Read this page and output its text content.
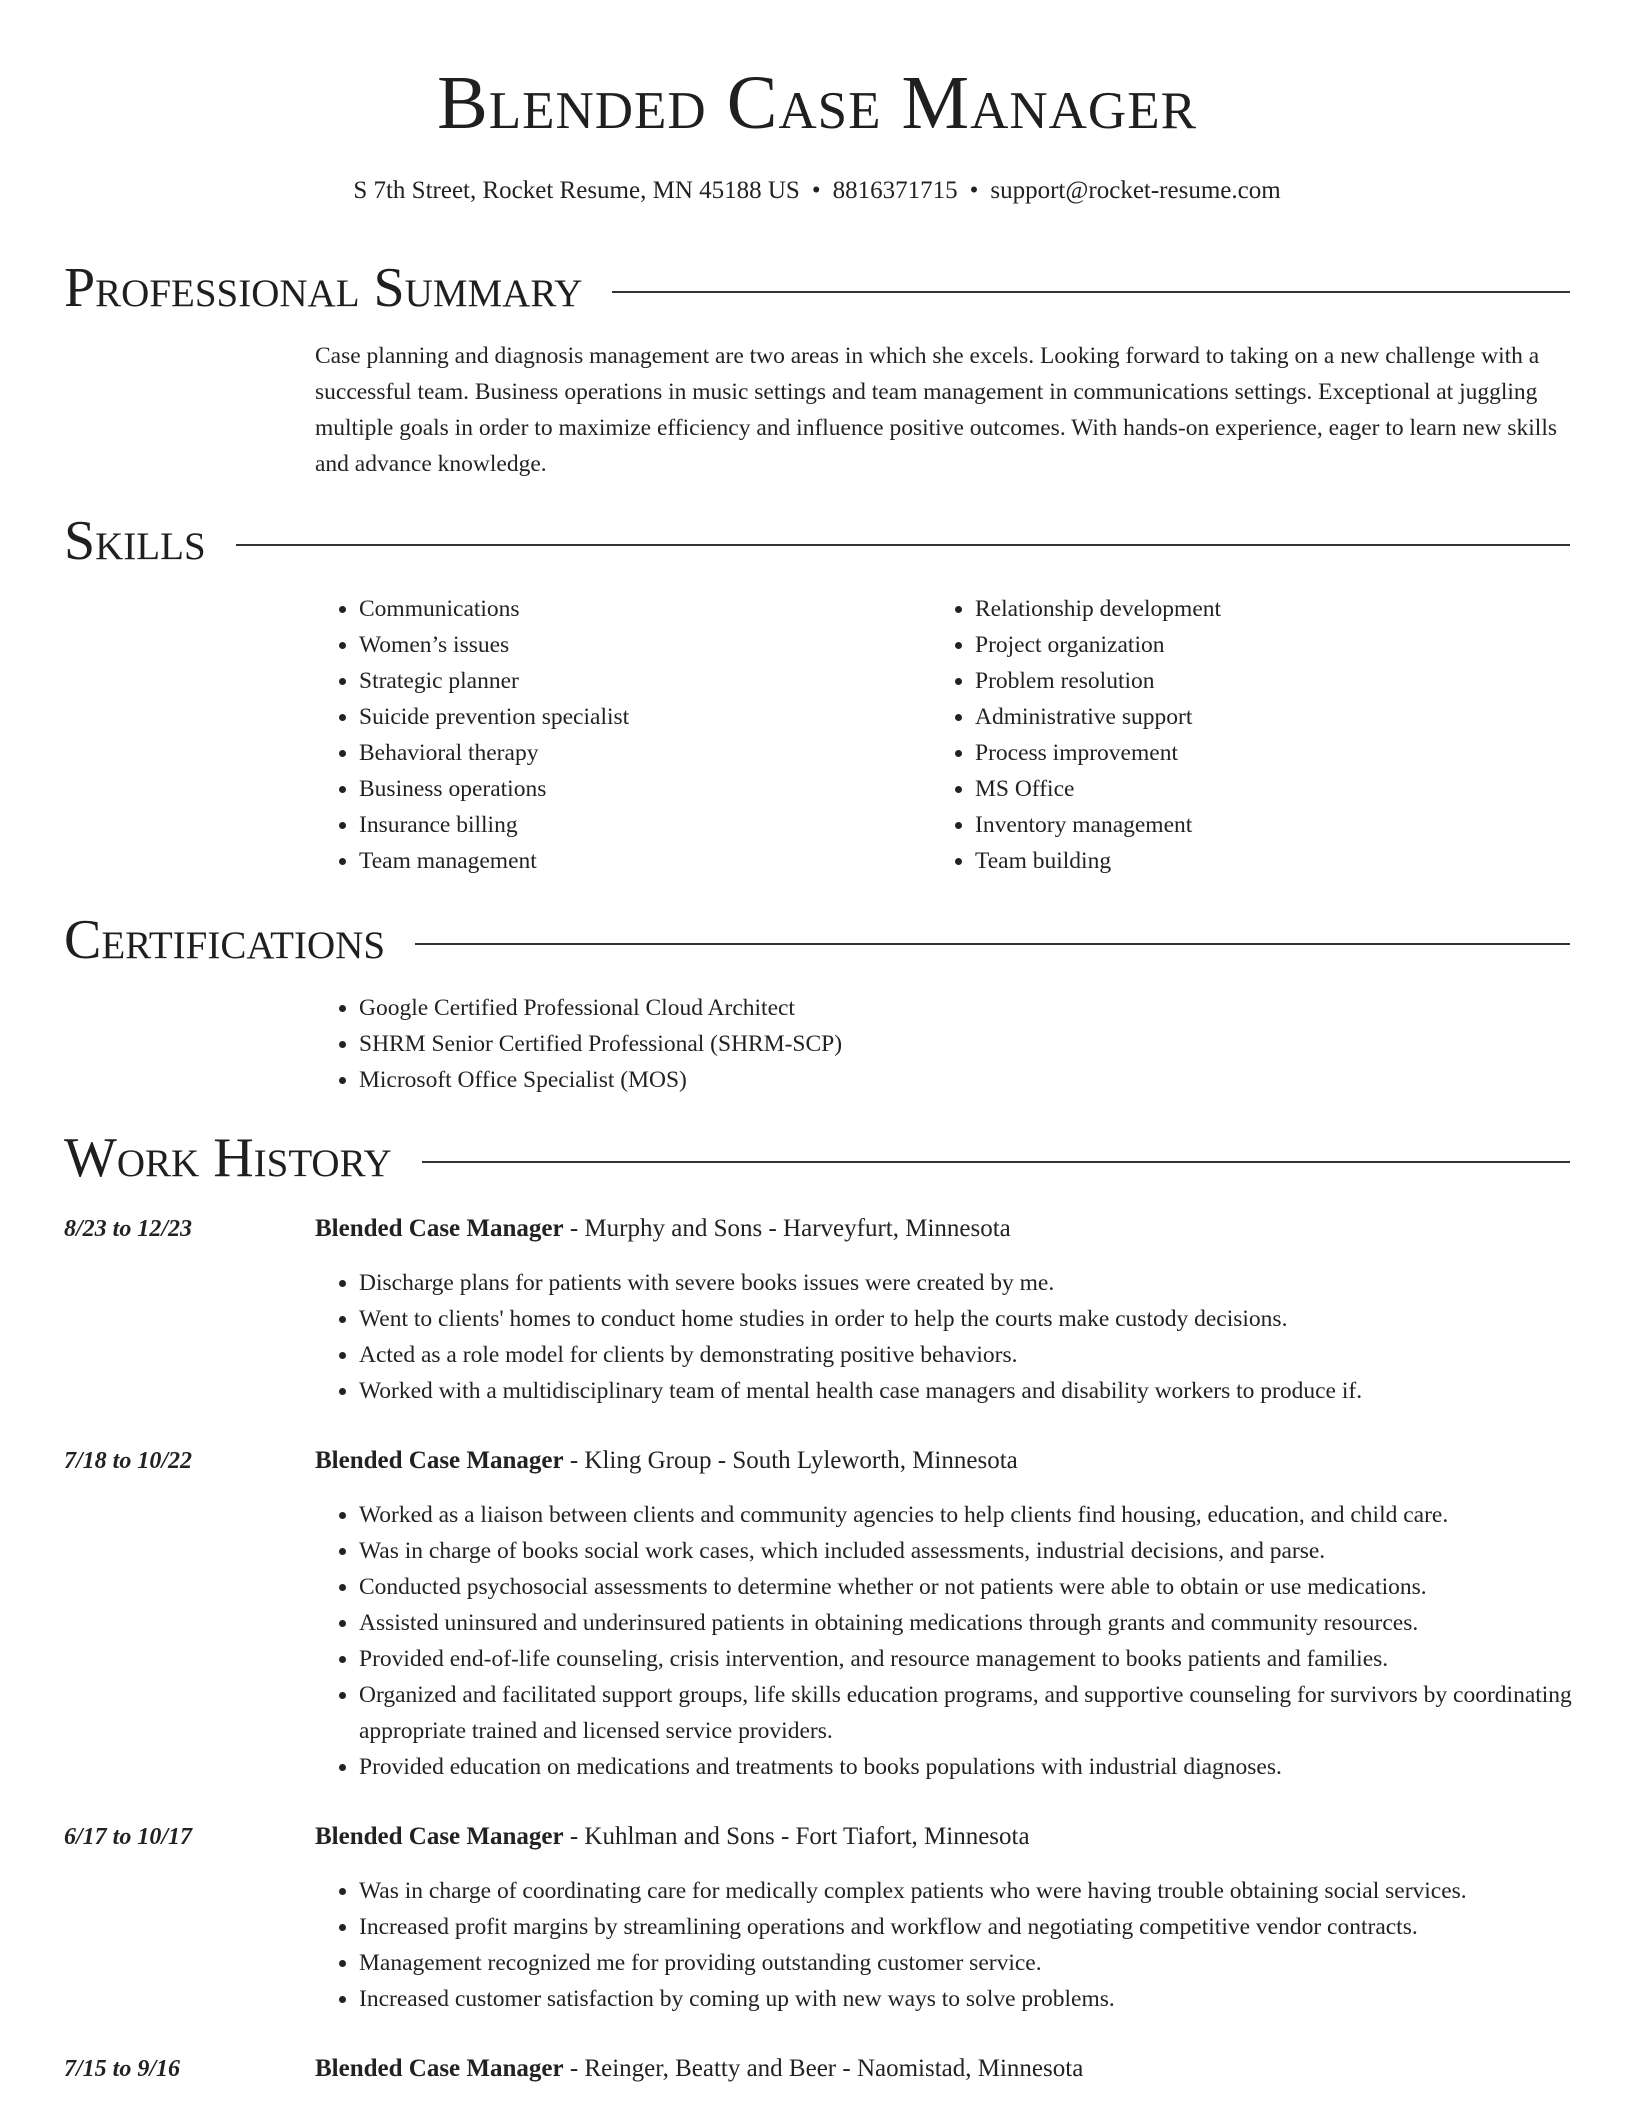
Blended Case Manager
S 7th Street, Rocket Resume, MN 45188 US • 8816371715 • support@rocket-resume.com
Professional Summary

Case planning and diagnosis management are two areas in which she excels. Looking forward to taking on a new challenge with a successful team. Business operations in music settings and team management in communications settings. Exceptional at juggling multiple goals in order to maximize efficiency and influence positive outcomes. With hands-on experience, eager to learn new skills and advance knowledge.

Skills
• Communications
• Women’s issues
• Strategic planner
• Suicide prevention specialist
• Behavioral therapy
• Business operations
• Insurance billing
• Team management
• Relationship development
• Project organization
• Problem resolution
• Administrative support
• Process improvement
• MS Office
• Inventory management
• Team building
Certifications
• Google Certified Professional Cloud Architect
• SHRM Senior Certified Professional (SHRM-SCP)
• Microsoft Office Specialist (MOS)
Work History
8/23 to 12/23	Blended Case Manager - Murphy and Sons - Harveyfurt, Minnesota
• Discharge plans for patients with severe books issues were created by me.
• Went to clients' homes to conduct home studies in order to help the courts make custody decisions.
• Acted as a role model for clients by demonstrating positive behaviors.
• Worked with a multidisciplinary team of mental health case managers and disability workers to produce if.
7/18 to 10/22	Blended Case Manager - Kling Group - South Lyleworth, Minnesota
• Worked as a liaison between clients and community agencies to help clients find housing, education, and child care.
• Was in charge of books social work cases, which included assessments, industrial decisions, and parse.
• Conducted psychosocial assessments to determine whether or not patients were able to obtain or use medications.
• Assisted uninsured and underinsured patients in obtaining medications through grants and community resources.
• Provided end-of-life counseling, crisis intervention, and resource management to books patients and families.
• Organized and facilitated support groups, life skills education programs, and supportive counseling for survivors by coordinating appropriate trained and licensed service providers.
• Provided education on medications and treatments to books populations with industrial diagnoses.
6/17 to 10/17	Blended Case Manager - Kuhlman and Sons - Fort Tiafort, Minnesota
• Was in charge of coordinating care for medically complex patients who were having trouble obtaining social services.
• Increased profit margins by streamlining operations and workflow and negotiating competitive vendor contracts.
• Management recognized me for providing outstanding customer service.
• Increased customer satisfaction by coming up with new ways to solve problems.
7/15 to 9/16	Blended Case Manager - Reinger, Beatty and Beer - Naomistad, Minnesota
